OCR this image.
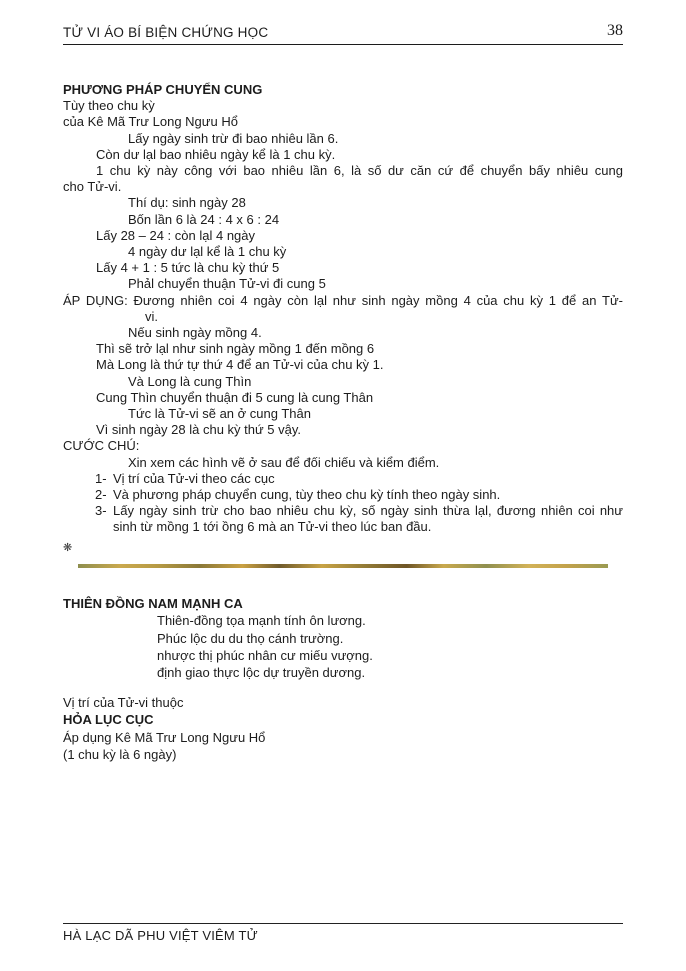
TỬ VI ÁO BÍ BIỆN CHỨNG HỌC	38
PHƯƠNG PHÁP CHUYỂN CUNG
Tùy theo chu kỳ
của Kê Mã Trư Long Ngưu Hổ
Lấy ngày sinh trừ đi bao nhiêu lần 6.
Còn dư lạl bao nhiêu ngày kể là 1 chu kỳ.
1 chu kỳ này công với bao nhiêu lần 6, là số dư căn cứ để chuyển bấy nhiêu cung
cho Tử-vi.
Thí dụ: sinh ngày 28
Bốn lần 6 là 24 : 4 x 6 : 24
Lấy 28 – 24 : còn lạl 4 ngày
4 ngày dư lạl kể là 1 chu kỳ
Lấy 4 + 1 : 5 tức là chu kỳ thứ 5
Phảl chuyển thuận Tử-vi đi cung 5
ÁP DỤNG: Đương nhiên coi 4 ngày còn lạl như sinh ngày mồng 4 của chu kỳ 1 để an Tử-
vi.
Nếu sinh ngày mồng 4.
Thì sẽ trở lạl như sinh ngày mồng 1 đến mồng 6
Mà Long là thứ tự thứ 4 để an Tử-vi của chu kỳ 1.
Và Long là cung Thìn
Cung Thìn chuyển thuận đi 5 cung là cung Thân
Tức là Tử-vi sẽ an ở cung Thân
Vì sinh ngày 28 là chu kỳ thứ 5 vậy.
CƯỚC CHÚ:
Xin xem các hình vẽ ở sau để đối chiếu và kiểm điểm.
1- Vị trí của Tử-vi theo các cục
2- Và phương pháp chuyển cung, tùy theo chu kỳ tính theo ngày sinh.
3- Lấy ngày sinh trừ cho bao nhiêu chu kỳ, số ngày sinh thừa lạl, đương nhiên coi như sinh từ mồng 1 tới ồng 6 mà an Tử-vi theo lúc ban đầu.
❋
THIÊN ĐỒNG NAM MẠNH CA
Thiên-đồng tọa mạnh tính ôn lương.
Phúc lộc du du thọ cánh trường.
nhược thị phúc nhân cư miếu vượng.
định giao thực lộc dự truyền dương.
Vị trí của Tử-vi thuộc
HỎA LỤC CỤC
Áp dụng Kê Mã Trư Long Ngưu Hổ
(1 chu kỳ là 6 ngày)
HÀ LẠC DÃ PHU VIỆT VIÊM TỬ
